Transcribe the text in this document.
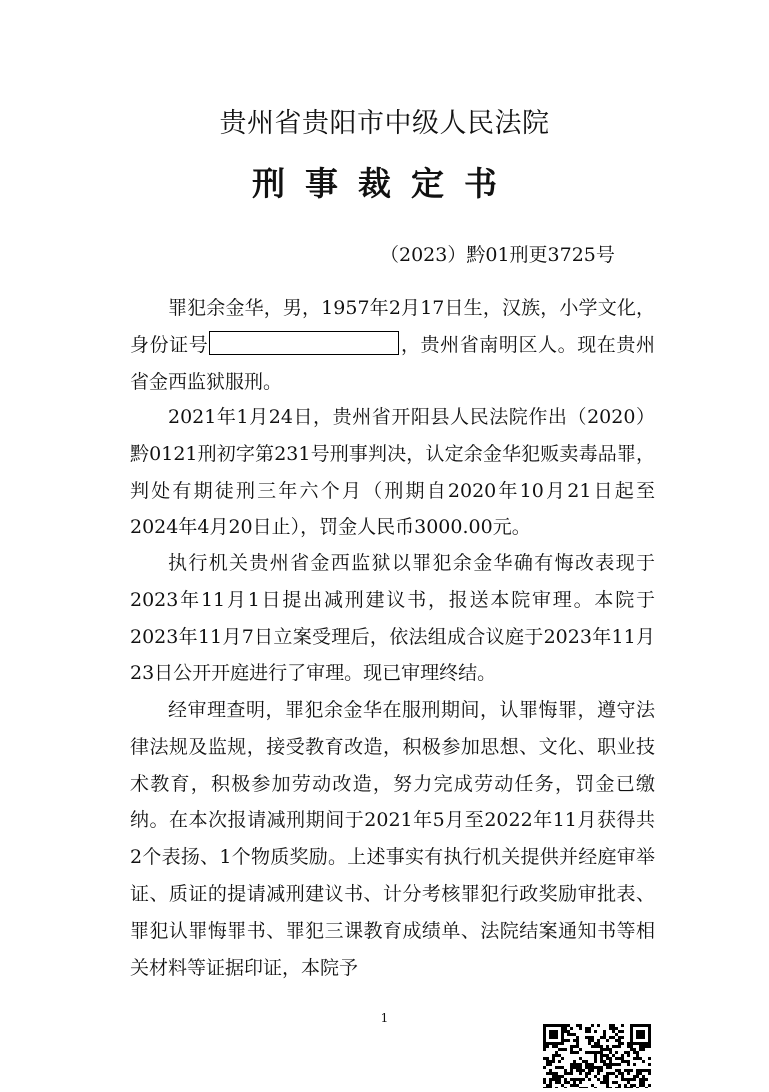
贵州省贵阳市中级人民法院
刑事裁定书
（2023）黔01刑更3725号
罪犯余金华，男，1957年2月17日生，汉族，小学文化，身份证号	，贵州省南明区人。现在贵州省金西监狱服刑。
2021年1月24日，贵州省开阳县人民法院作出（2020）黔0121刑初字第231号刑事判决，认定余金华犯贩卖毒品罪，判处有期徒刑三年六个月（刑期自2020年10月21日起至2024年4月20日止），罚金人民币3000.00元。
执行机关贵州省金西监狱以罪犯余金华确有悔改表现于2023年11月1日提出减刑建议书，报送本院审理。本院于2023年11月7日立案受理后，依法组成合议庭于2023年11月23日公开开庭进行了审理。现已审理终结。
经审理查明，罪犯余金华在服刑期间，认罪悔罪，遵守法律法规及监规，接受教育改造，积极参加思想、文化、职业技术教育，积极参加劳动改造，努力完成劳动任务，罚金已缴纳。在本次报请减刑期间于2021年5月至2022年11月获得共2个表扬、1个物质奖励。上述事实有执行机关提供并经庭审举证、质证的提请减刑建议书、计分考核罪犯行政奖励审批表、罪犯认罪悔罪书、罪犯三课教育成绩单、法院结案通知书等相关材料等证据印证，本院予
1
